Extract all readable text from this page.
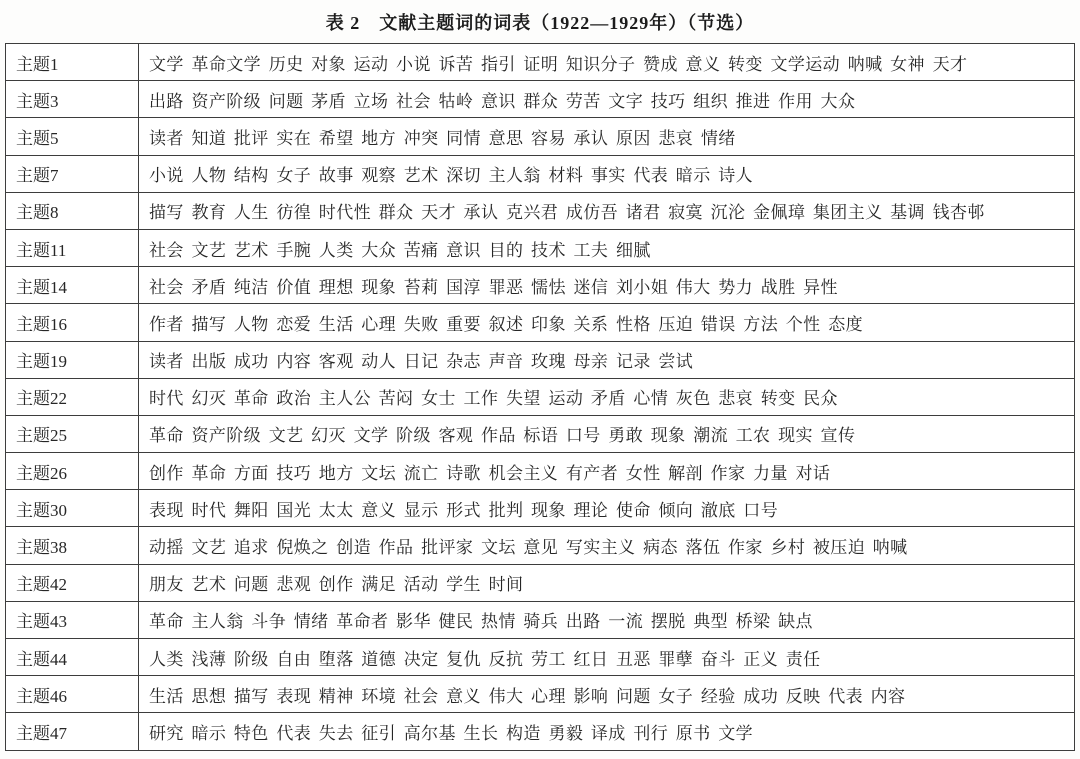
表 2　文献主题词的词表（1922—1929年）（节选）
主题1	文学 革命文学 历史 对象 运动 小说 诉苦 指引 证明 知识分子 赞成 意义 转变 文学运动 呐喊 女神 天才
主题3	出路 资产阶级 问题 茅盾 立场 社会 牯岭 意识 群众 劳苦 文字 技巧 组织 推进 作用 大众
主题5	读者 知道 批评 实在 希望 地方 冲突 同情 意思 容易 承认 原因 悲哀 情绪
主题7	小说 人物 结构 女子 故事 观察 艺术 深切 主人翁 材料 事实 代表 暗示 诗人
主题8	描写 教育 人生 彷徨 时代性 群众 天才 承认 克兴君 成仿吾 诸君 寂寞 沉沦 金佩璋 集团主义 基调 钱杏邨
主题11	社会 文艺 艺术 手腕 人类 大众 苦痛 意识 目的 技术 工夫 细腻
主题14	社会 矛盾 纯洁 价值 理想 现象 苔莉 国淳 罪恶 懦怯 迷信 刘小姐 伟大 势力 战胜 异性
主题16	作者 描写 人物 恋爱 生活 心理 失败 重要 叙述 印象 关系 性格 压迫 错误 方法 个性 态度
主题19	读者 出版 成功 内容 客观 动人 日记 杂志 声音 玫瑰 母亲 记录 尝试
主题22	时代 幻灭 革命 政治 主人公 苦闷 女士 工作 失望 运动 矛盾 心情 灰色 悲哀 转变 民众
主题25	革命 资产阶级 文艺 幻灭 文学 阶级 客观 作品 标语 口号 勇敢 现象 潮流 工农 现实 宣传
主题26	创作 革命 方面 技巧 地方 文坛 流亡 诗歌 机会主义 有产者 女性 解剖 作家 力量 对话
主题30	表现 时代 舞阳 国光 太太 意义 显示 形式 批判 现象 理论 使命 倾向 澈底 口号
主题38	动摇 文艺 追求 倪焕之 创造 作品 批评家 文坛 意见 写实主义 病态 落伍 作家 乡村 被压迫 呐喊
主题42	朋友 艺术 问题 悲观 创作 满足 活动 学生 时间
主题43	革命 主人翁 斗争 情绪 革命者 影华 健民 热情 骑兵 出路 一流 摆脱 典型 桥梁 缺点
主题44	人类 浅薄 阶级 自由 堕落 道德 决定 复仇 反抗 劳工 红日 丑恶 罪孽 奋斗 正义 责任
主题46	生活 思想 描写 表现 精神 环境 社会 意义 伟大 心理 影响 问题 女子 经验 成功 反映 代表 内容
主题47	研究 暗示 特色 代表 失去 征引 高尔基 生长 构造 勇毅 译成 刊行 原书 文学
